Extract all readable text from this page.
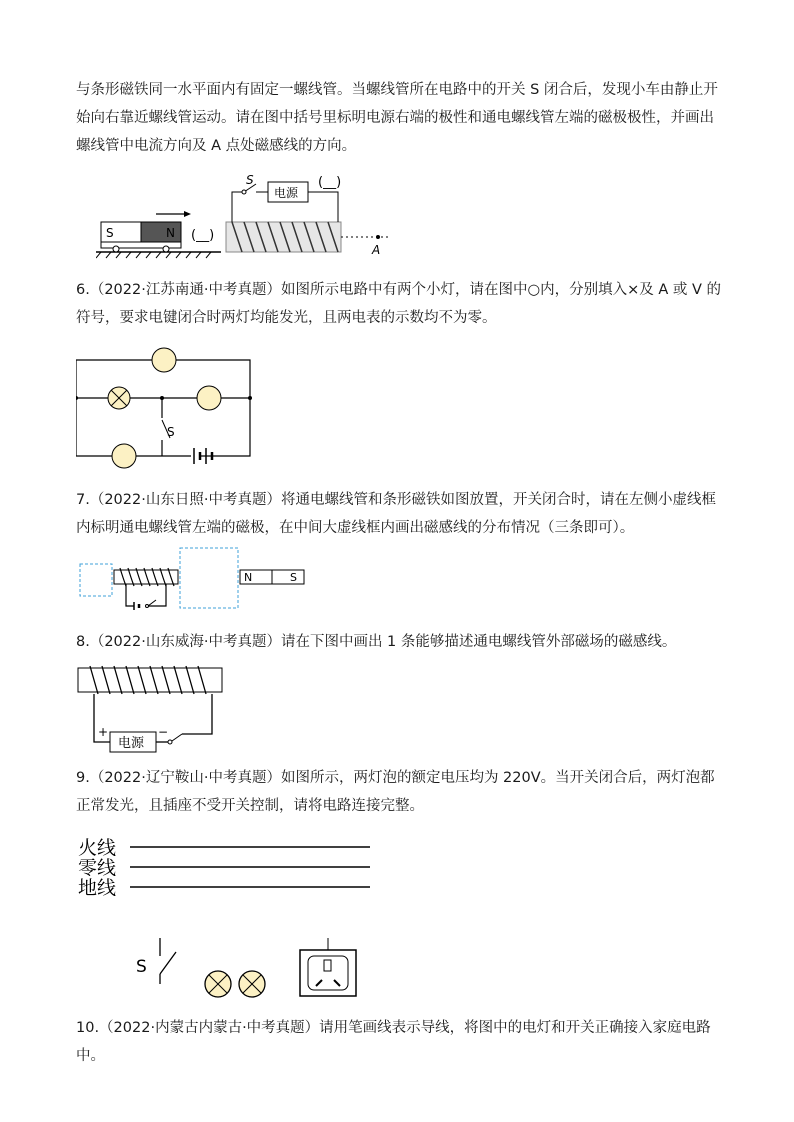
与条形磁铁同一水平面内有固定一螺线管。当螺线管所在电路中的开关 S 闭合后，发现小车由静止开始向右靠近螺线管运动。请在图中括号里标明电源右端的极性和通电螺线管左端的磁极极性，并画出螺线管中电流方向及 A 点处磁感线的方向。

S	N (__)
S
电源
(__)
A

6.（2022·江苏南通·中考真题）如图所示电路中有两个小灯，请在图中○内，分别填入×及 A 或 V 的符号，要求电键闭合时两灯均能发光，且两电表的示数均不为零。

S

7.（2022·山东日照·中考真题）将通电螺线管和条形磁铁如图放置，开关闭合时，请在左侧小虚线框内标明通电螺线管左端的磁极，在中间大虚线框内画出磁感线的分布情况（三条即可）。

N	S

8.（2022·山东威海·中考真题）请在下图中画出 1 条能够描述通电螺线管外部磁场的磁感线。

电源
+	−

9.（2022·辽宁鞍山·中考真题）如图所示，两灯泡的额定电压均为 220V。当开关闭合后，两灯泡都正常发光，且插座不受开关控制，请将电路连接完整。

火线
零线
地线
S

10.（2022·内蒙古内蒙古·中考真题）请用笔画线表示导线，将图中的电灯和开关正确接入家庭电路中。
